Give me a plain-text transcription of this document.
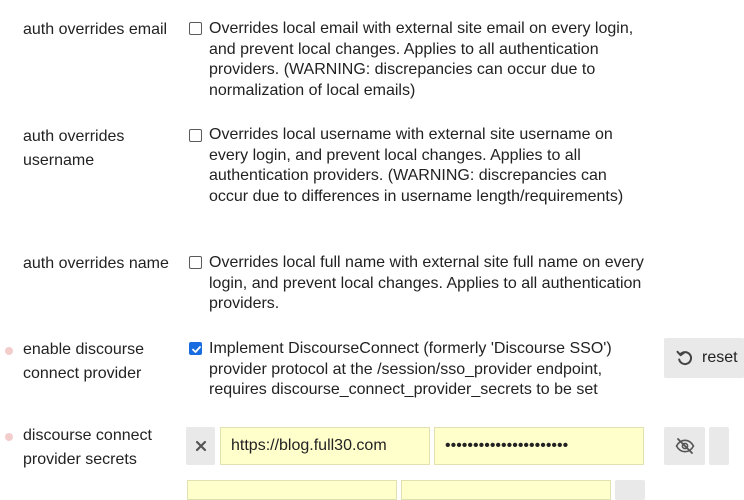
auth overrides email	Overrides local email with external site email on every login, and prevent local changes. Applies to all authentication providers. (WARNING: discrepancies can occur due to normalization of local emails)
auth overrides username
Overrides local username with external site username on every login, and prevent local changes. Applies to all authentication providers. (WARNING: discrepancies can occur due to differences in username length/requirements)
auth overrides name	Overrides local full name with external site full name on every login, and prevent local changes. Applies to all authentication providers.
enable discourse connect provider
Implement DiscourseConnect (formerly 'Discourse SSO') provider protocol at the /session/sso_provider endpoint, requires discourse_connect_provider_secrets to be set
reset
discourse connect provider secrets
https://blog.full30.com
••••••••••••••••••••••
